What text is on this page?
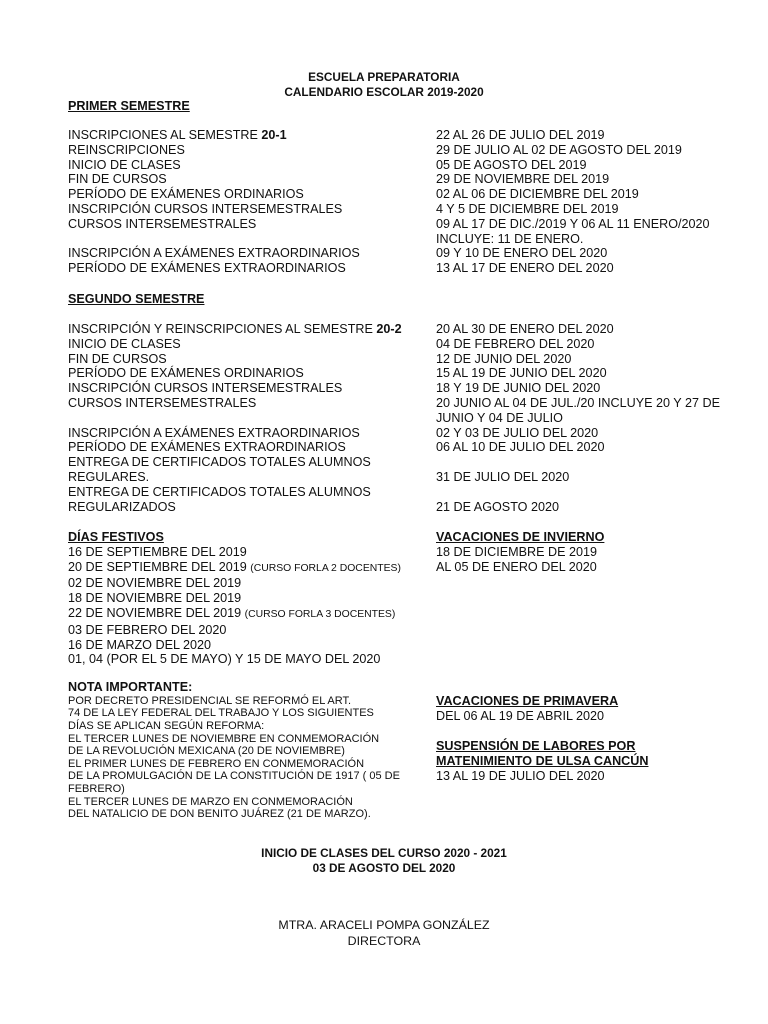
ESCUELA PREPARATORIA
CALENDARIO ESCOLAR 2019-2020
PRIMER SEMESTRE
INSCRIPCIONES AL SEMESTRE 20-1
REINSCRIPCIONES
INICIO DE CLASES
FIN DE CURSOS
PERÍODO DE EXÁMENES ORDINARIOS
INSCRIPCIÓN CURSOS INTERSEMESTRALES
CURSOS INTERSEMESTRALES

INSCRIPCIÓN A EXÁMENES EXTRAORDINARIOS
PERÍODO DE EXÁMENES EXTRAORDINARIOS
22 AL 26 DE JULIO DEL 2019
29 DE JULIO AL 02 DE AGOSTO DEL 2019
05 DE AGOSTO DEL 2019
29 DE NOVIEMBRE DEL 2019
02 AL 06 DE DICIEMBRE DEL 2019
4 Y 5 DE DICIEMBRE DEL 2019
09 AL 17 DE DIC./2019 Y 06 AL 11 ENERO/2020
INCLUYE: 11 DE ENERO.
09 Y 10 DE ENERO DEL 2020
13 AL 17 DE ENERO DEL 2020
SEGUNDO SEMESTRE
INSCRIPCIÓN Y REINSCRIPCIONES AL SEMESTRE 20-2
INICIO DE CLASES
FIN DE CURSOS
PERÍODO DE EXÁMENES ORDINARIOS
INSCRIPCIÓN CURSOS INTERSEMESTRALES
CURSOS INTERSEMESTRALES

INSCRIPCIÓN A EXÁMENES EXTRAORDINARIOS
PERÍODO DE EXÁMENES EXTRAORDINARIOS
ENTREGA DE CERTIFICADOS TOTALES ALUMNOS
REGULARES.
ENTREGA DE CERTIFICADOS TOTALES ALUMNOS
REGULARIZADOS
20 AL 30 DE ENERO DEL 2020
04 DE FEBRERO DEL 2020
12 DE JUNIO DEL 2020
15 AL 19 DE JUNIO DEL 2020
18 Y 19 DE JUNIO DEL 2020
20 JUNIO AL 04 DE JUL./20 INCLUYE 20 Y 27 DE
JUNIO Y 04 DE JULIO
02 Y 03 DE JULIO DEL 2020
06 AL 10 DE JULIO DEL 2020

31 DE JULIO DEL 2020

21 DE AGOSTO 2020
DÍAS FESTIVOS
16 DE SEPTIEMBRE DEL 2019
20 DE SEPTIEMBRE DEL 2019 (CURSO FORLA 2 DOCENTES)
02 DE NOVIEMBRE DEL 2019
18 DE NOVIEMBRE DEL 2019
22 DE NOVIEMBRE DEL 2019 (CURSO FORLA 3 DOCENTES)
03 DE FEBRERO DEL 2020
16 DE MARZO DEL 2020
01, 04 (POR EL 5 DE MAYO) Y 15 DE MAYO DEL 2020
VACACIONES DE INVIERNO
18 DE DICIEMBRE DE 2019
AL 05 DE ENERO DEL 2020
NOTA IMPORTANTE:
POR DECRETO PRESIDENCIAL SE REFORMÓ EL ART.
74 DE LA LEY FEDERAL DEL TRABAJO Y LOS SIGUIENTES
DÍAS SE APLICAN SEGÚN REFORMA:
EL TERCER LUNES DE NOVIEMBRE EN CONMEMORACIÓN
DE LA REVOLUCIÓN MEXICANA (20 DE NOVIEMBRE)
EL PRIMER LUNES DE FEBRERO EN CONMEMORACIÓN
DE LA PROMULGACIÓN DE LA CONSTITUCIÓN DE 1917 ( 05 DE
FEBRERO)
EL TERCER LUNES DE MARZO EN CONMEMORACIÓN
DEL NATALICIO DE DON BENITO JUÁREZ (21 DE MARZO).
VACACIONES DE PRIMAVERA
DEL 06 AL 19 DE ABRIL 2020
SUSPENSIÓN DE LABORES POR
MATENIMIENTO DE ULSA CANCÚN
13 AL 19 DE JULIO DEL 2020
INICIO DE CLASES DEL CURSO 2020 - 2021
03 DE AGOSTO DEL 2020
MTRA. ARACELI POMPA GONZÁLEZ
DIRECTORA
